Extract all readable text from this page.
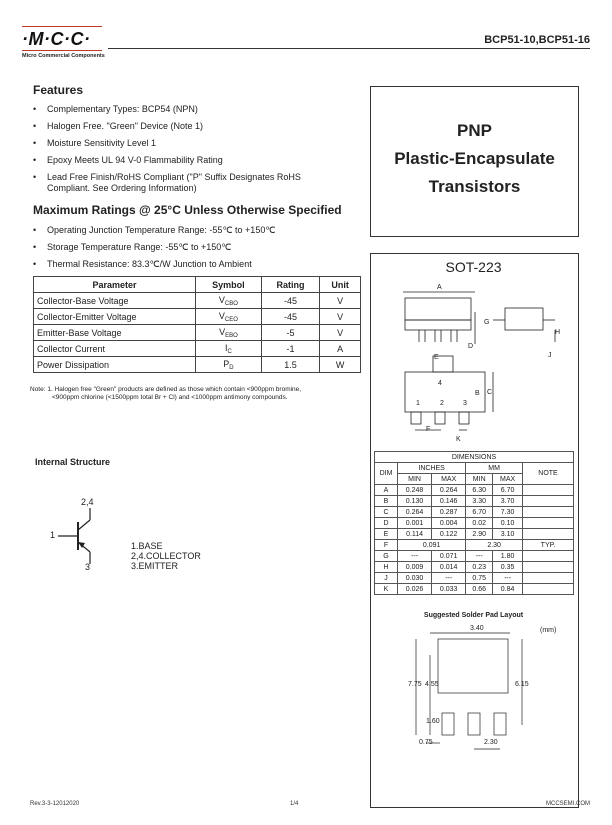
·M·C·C·
Micro Commercial Components
BCP51-10,BCP51-16
Features
• Complementary Types: BCP54 (NPN)
• Halogen Free. "Green" Device (Note 1)
• Moisture Sensitivity Level 1
• Epoxy Meets UL 94 V-0 Flammability Rating
• Lead Free Finish/RoHS Compliant ("P" Suffix Designates RoHS Compliant. See Ordering Information)
Maximum Ratings @ 25°C Unless Otherwise Specified
• Operating Junction Temperature Range: -55℃ to +150℃
• Storage Temperature Range: -55℃ to +150℃
• Thermal Resistance: 83.3℃/W Junction to Ambient
Parameter	Symbol	Rating	Unit
Collector-Base Voltage	$V_{CBO}$	-45	V
Collector-Emitter Voltage	$V_{CEO}$	-45	V
Emitter-Base Voltage	$V_{EBO}$	-5	V
Collector Current	$I_C$	-1	A
Power Dissipation	$P_D$	1.5	W
Note: 1. Halogen free "Green" products are defined as those which contain <900ppm bromine,
<900ppm chlorine (<1500ppm total Br + Cl) and <1000ppm antimony compounds.
Internal Structure
2,4
1
3
1.BASE
2,4.COLLECTOR
3.EMITTER
PNP
Plastic-Encapsulate
Transistors
SOT-223
A
G
D
H
J
E
C
B
4
1	2	3
F
K
DIMENSIONS					
DIM	INCHES		MM		NOTE
	MIN	MAX	MIN	MAX	
A	0.248	0.264	6.30	6.70	
B	0.130	0.146	3.30	3.70	
C	0.264	0.287	6.70	7.30	
D	0.001	0.004	0.02	0.10	
E	0.114	0.122	2.90	3.10	
F	0.091		2.30		TYP.
G	---	0.071	---	1.80	
H	0.009	0.014	0.23	0.35	
J	0.030	---	0.75	---	
K	0.026	0.033	0.66	0.84	
Suggested Solder Pad Layout
(mm)
3.40
7.75 4.55	6.15
1.60
0.75	2.30
Rev.3-3-12012020	1/4	MCCSEMI.COM
